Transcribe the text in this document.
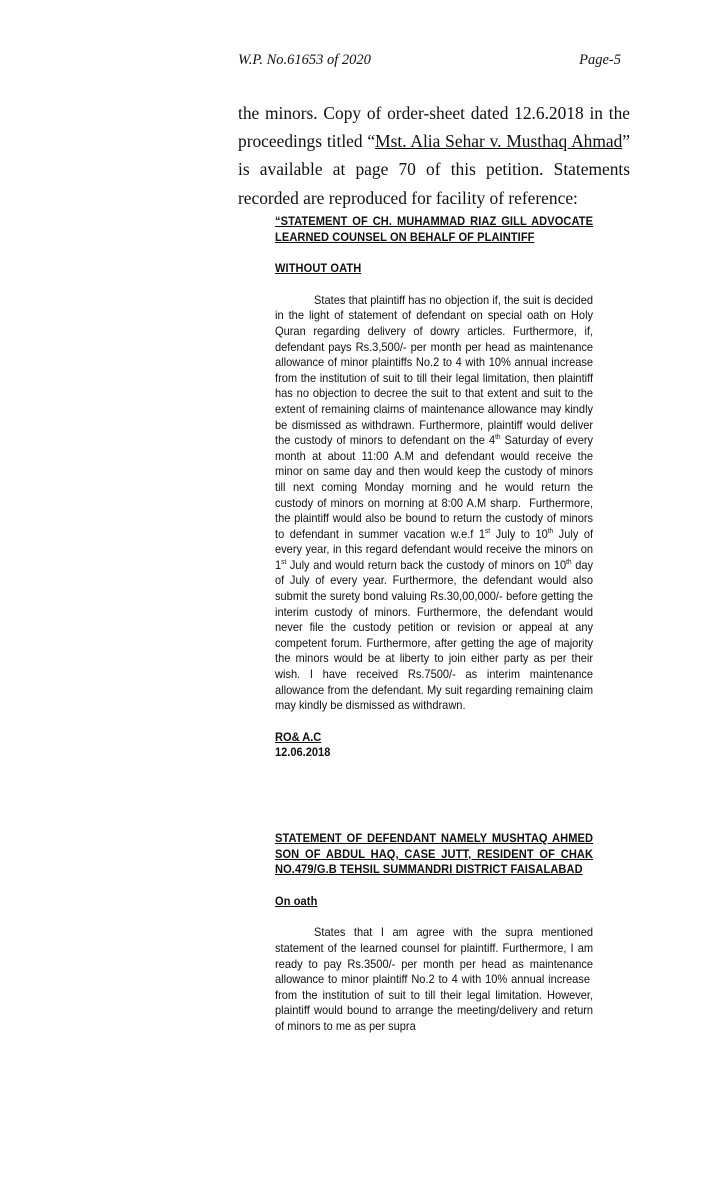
W.P. No.61653 of 2020	Page-5
the minors. Copy of order-sheet dated 12.6.2018 in the proceedings titled “Mst. Alia Sehar v. Musthaq Ahmad” is available at page 70 of this petition. Statements recorded are reproduced for facility of reference:
“STATEMENT OF CH. MUHAMMAD RIAZ GILL ADVOCATE LEARNED COUNSEL ON BEHALF OF PLAINTIFF
WITHOUT OATH
States that plaintiff has no objection if, the suit is decided in the light of statement of defendant on special oath on Holy Quran regarding delivery of dowry articles. Furthermore, if, defendant pays Rs.3,500/- per month per head as maintenance allowance of minor plaintiffs No.2 to 4 with 10% annual increase from the institution of suit to till their legal limitation, then plaintiff has no objection to decree the suit to that extent and suit to the extent of remaining claims of maintenance allowance may kindly be dismissed as withdrawn. Furthermore, plaintiff would deliver the custody of minors to defendant on the 4th Saturday of every month at about 11:00 A.M and defendant would receive the minor on same day and then would keep the custody of minors till next coming Monday morning and he would return the custody of minors on morning at 8:00 A.M sharp.  Furthermore, the plaintiff would also be bound to return the custody of minors to defendant in summer vacation w.e.f 1st July to 10th July of every year, in this regard defendant would receive the minors on 1st July and would return back the custody of minors on 10th day of July of every year. Furthermore, the defendant would also submit the surety bond valuing Rs.30,00,000/- before getting the interim custody of minors. Furthermore, the defendant would never file the custody petition or revision or appeal at any competent forum. Furthermore, after getting the age of majority the minors would be at liberty to join either party as per their wish. I have received Rs.7500/- as interim maintenance allowance from the defendant. My suit regarding remaining claim may kindly be dismissed as withdrawn.
RO& A.C
12.06.2018
STATEMENT OF DEFENDANT NAMELY MUSHTAQ AHMED SON OF ABDUL HAQ, CASE JUTT, RESIDENT OF CHAK NO.479/G.B TEHSIL SUMMANDRI DISTRICT FAISALABAD
On oath
States that I am agree with the supra mentioned statement of the learned counsel for plaintiff. Furthermore, I am ready to pay Rs.3500/- per month per head as maintenance allowance to minor plaintiff No.2 to 4 with 10% annual increase  from the institution of suit to till their legal limitation. However, plaintiff would bound to arrange the meeting/delivery and return of minors to me as per supra
